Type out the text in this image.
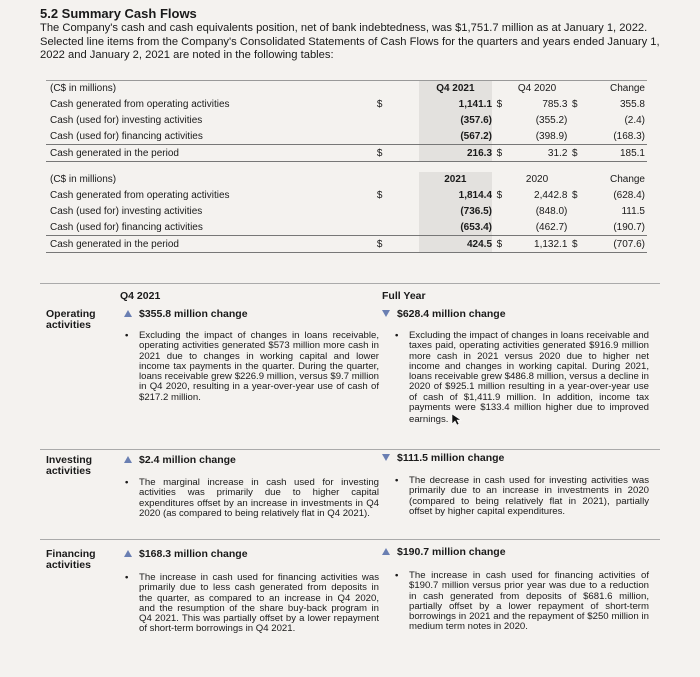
5.2 Summary Cash Flows

The Company's cash and cash equivalents position, net of bank indebtedness, was $1,751.7 million as at January 1, 2022. Selected line items from the Company's Consolidated Statements of Cash Flows for the quarters and years ended January 1, 2022 and January 2, 2021 are noted in the following tables:

(C$ in millions)		Q4 2021		Q4 2020		Change
Cash generated from operating activities	$	1,141.1	$	785.3	$	355.8
Cash (used for) investing activities		(357.6)		(355.2)		(2.4)
Cash (used for) financing activities		(567.2)		(398.9)		(168.3)
Cash generated in the period	$	216.3	$	31.2	$	185.1
(C$ in millions)		2021		2020		Change
Cash generated from operating activities	$	1,814.4	$	2,442.8	$	(628.4)
Cash (used for) investing activities		(736.5)		(848.0)		111.5
Cash (used for) financing activities		(653.4)		(462.7)		(190.7)
Cash generated in the period	$	424.5	$	1,132.1	$	(707.6)
Q4 2021	Full Year
Operating
activities
$355.8 million change	$628.4 million change
• Excluding the impact of changes in loans receivable, operating activities generated $573 million more cash in 2021 due to changes in working capital and lower income tax payments in the quarter. During the quarter, loans receivable grew $226.9 million, versus $9.7 million in Q4 2020, resulting in a year-over-year use of cash of $217.2 million.
• Excluding the impact of changes in loans receivable and taxes paid, operating activities generated $916.9 million more cash in 2021 versus 2020 due to higher net income and changes in working capital. During 2021, loans receivable grew $486.8 million, versus a decline in 2020 of $925.1 million resulting in a year-over-year use of cash of $1,411.9 million. In addition, income tax payments were $133.4 million higher due to improved earnings.
Investing
activities
$2.4 million change	$111.5 million change
• The marginal increase in cash used for investing activities was primarily due to higher capital expenditures offset by an increase in investments in Q4 2020 (as compared to being relatively flat in Q4 2021).
• The decrease in cash used for investing activities was primarily due to an increase in investments in 2020 (compared to being relatively flat in 2021), partially offset by higher capital expenditures.
Financing
activities
$168.3 million change	$190.7 million change
• The increase in cash used for financing activities was primarily due to less cash generated from deposits in the quarter, as compared to an increase in Q4 2020, and the resumption of the share buy-back program in Q4 2021. This was partially offset by a lower repayment of short-term borrowings in Q4 2021.
• The increase in cash used for financing activities of $190.7 million versus prior year was due to a reduction in cash generated from deposits of $681.6 million, partially offset by a lower repayment of short-term borrowings in 2021 and the repayment of $250 million in medium term notes in 2020.
